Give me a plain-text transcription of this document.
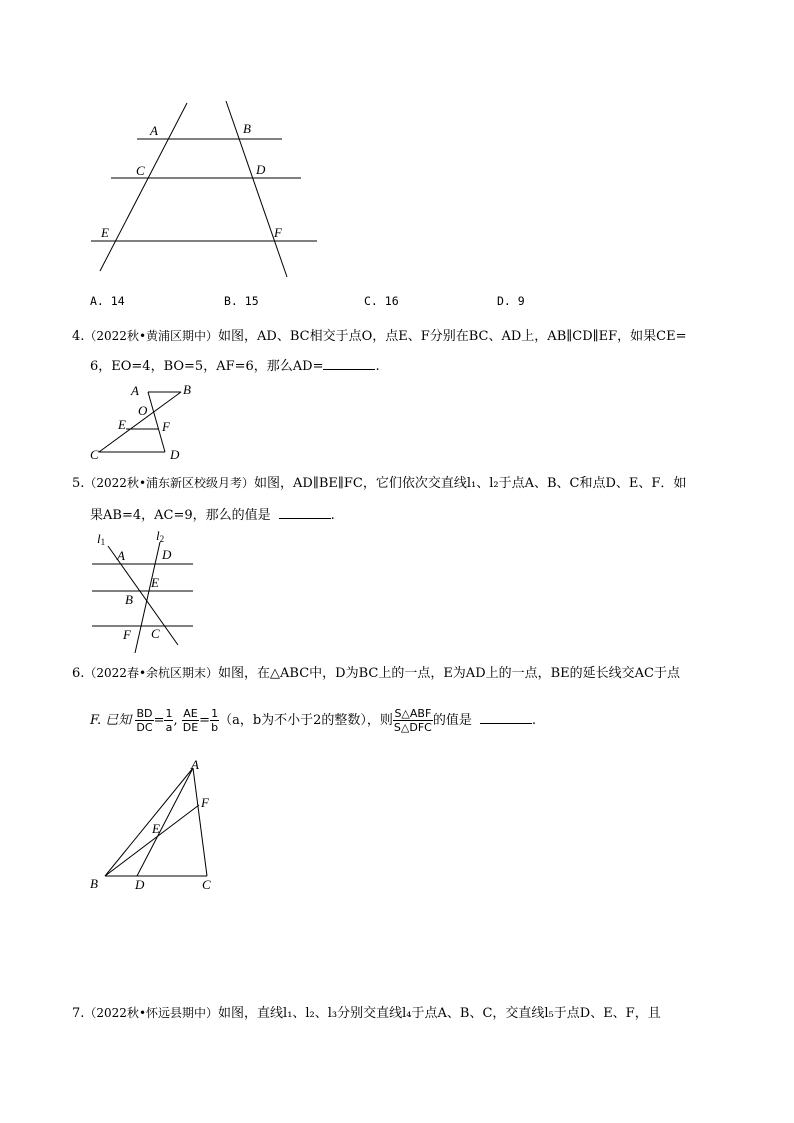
A	B
C	D
E	F
A. 14	B. 15	C. 16	D. 9
4.（2022秋•黄浦区期中）如图，AD、BC相交于点O，点E、F分别在BC、AD上，AB∥CD∥EF，如果CE=
6，EO=4，BO=5，AF=6，那么AD=	.
A	B
O
E	F
C	D
5.（2022秋•浦东新区校级月考）如图，AD∥BE∥FC，它们依次交直线l₁、l₂于点A、B、C和点D、E、F．如
果AB=4，AC=9，那么的值是	.
l1	l2
A	D
E
B
F C
6.（2022春•余杭区期末）如图，在△ABC中，D为BC上的一点，E为AD上的一点，BE的延长线交AC于点
F. 已知 $\frac{BD}{DC} = \frac{1}{a}$ , $\frac{AE}{DE} = \frac{1}{b} (a$，b为不小于2的整数），则 $\frac{\text{S△ABF}}{\text{S△DFC}}$ 的值是	.
A
F
E
B	D	C
7.（2022秋•怀远县期中）如图，直线l₁、l₂、l₃分别交直线l₄于点A、B、C，交直线l₅于点D、E、F，且
